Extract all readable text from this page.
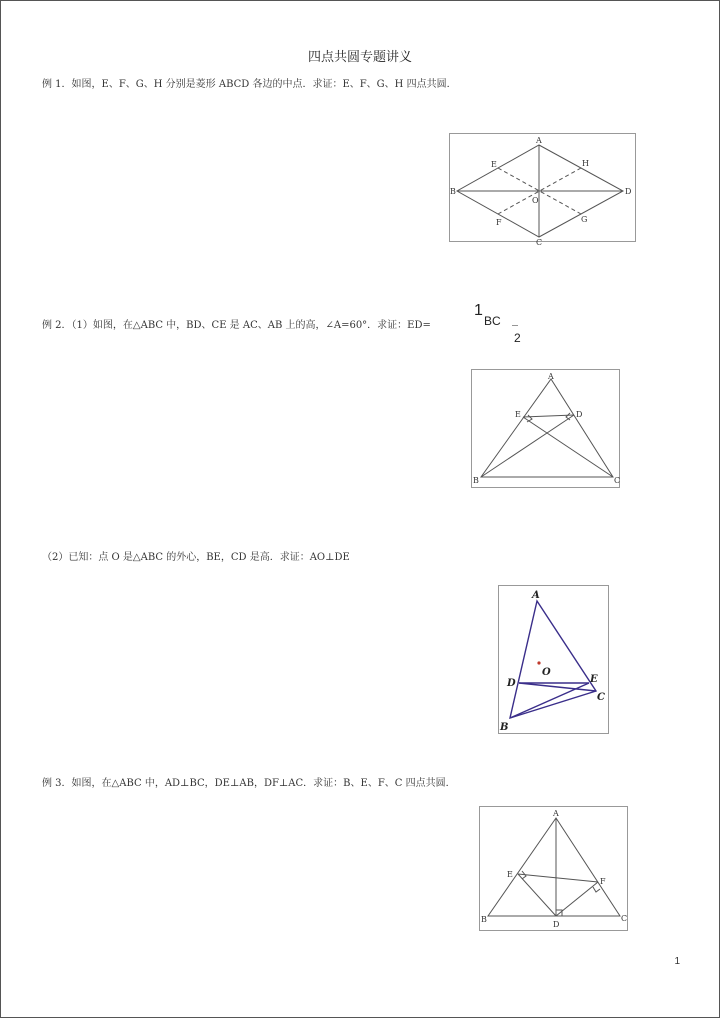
四点共圆专题讲义
例 1．如图，E、F、G、H 分别是菱形 ABCD 各边的中点．求证：E、F、G、H 四点共圆．
A
B	D
C
E	H
F	G
O
例 2．（1）如图，在△ABC 中，BD、CE 是 AC、AB 上的高，∠A=60°．求证：ED=
1
BC _
2
A
E	D
B	C
（2）已知：点 O 是△ABC 的外心，BE，CD 是高．求证：AO⊥DE
A
O
D	E
C
B
例 3．如图，在△ABC 中，AD⊥BC，DE⊥AB，DF⊥AC．求证：B、E、F、C 四点共圆．
A
E
F
B	C
D
1
